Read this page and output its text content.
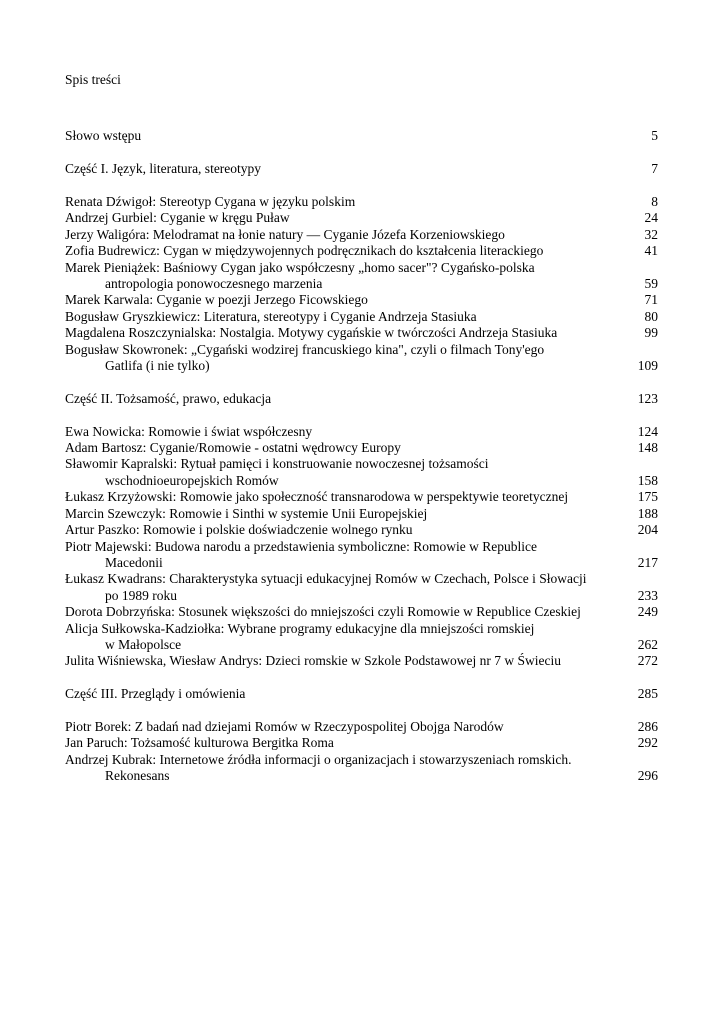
Spis treści

Słowo wstępu	5
Część I. Język, literatura, stereotypy	7
Renata Dźwigoł: Stereotyp Cygana w języku polskim	8
Andrzej Gurbiel: Cyganie w kręgu Puław	24
Jerzy Waligóra: Melodramat na łonie natury — Cyganie Józefa Korzeniowskiego	32
Zofia Budrewicz: Cygan w międzywojennych podręcznikach do kształcenia literackiego	41
Marek Pieniążek: Baśniowy Cygan jako współczesny „homo sacer"? Cygańsko-polska
antropologia ponowoczesnego marzenia	59
Marek Karwala: Cyganie w poezji Jerzego Ficowskiego	71
Bogusław Gryszkiewicz: Literatura, stereotypy i Cyganie Andrzeja Stasiuka	80
Magdalena Roszczynialska: Nostalgia. Motywy cygańskie w twórczości Andrzeja Stasiuka	99
Bogusław Skowronek: „Cygański wodzirej francuskiego kina", czyli o filmach Tony'ego
Gatlifa (i nie tylko)	109
Część II. Tożsamość, prawo, edukacja	123
Ewa Nowicka: Romowie i świat współczesny	124
Adam Bartosz: Cyganie/Romowie - ostatni wędrowcy Europy	148
Sławomir Kapralski: Rytuał pamięci i konstruowanie nowoczesnej tożsamości
wschodnioeuropejskich Romów	158
Łukasz Krzyżowski: Romowie jako społeczność transnarodowa w perspektywie teoretycznej	175
Marcin Szewczyk: Romowie i Sinthi w systemie Unii Europejskiej	188
Artur Paszko: Romowie i polskie doświadczenie wolnego rynku	204
Piotr Majewski: Budowa narodu a przedstawienia symboliczne: Romowie w Republice
Macedonii	217
Łukasz Kwadrans: Charakterystyka sytuacji edukacyjnej Romów w Czechach, Polsce i Słowacji
po 1989 roku	233
Dorota Dobrzyńska: Stosunek większości do mniejszości czyli Romowie w Republice Czeskiej	249
Alicja Sułkowska-Kadziołka: Wybrane programy edukacyjne dla mniejszości romskiej
w Małopolsce	262
Julita Wiśniewska, Wiesław Andrys: Dzieci romskie w Szkole Podstawowej nr 7 w Świeciu	272
Część III. Przeglądy i omówienia	285
Piotr Borek: Z badań nad dziejami Romów w Rzeczypospolitej Obojga Narodów	286
Jan Paruch: Tożsamość kulturowa Bergitka Roma	292
Andrzej Kubrak: Internetowe źródła informacji o organizacjach i stowarzyszeniach romskich.
Rekonesans	296
